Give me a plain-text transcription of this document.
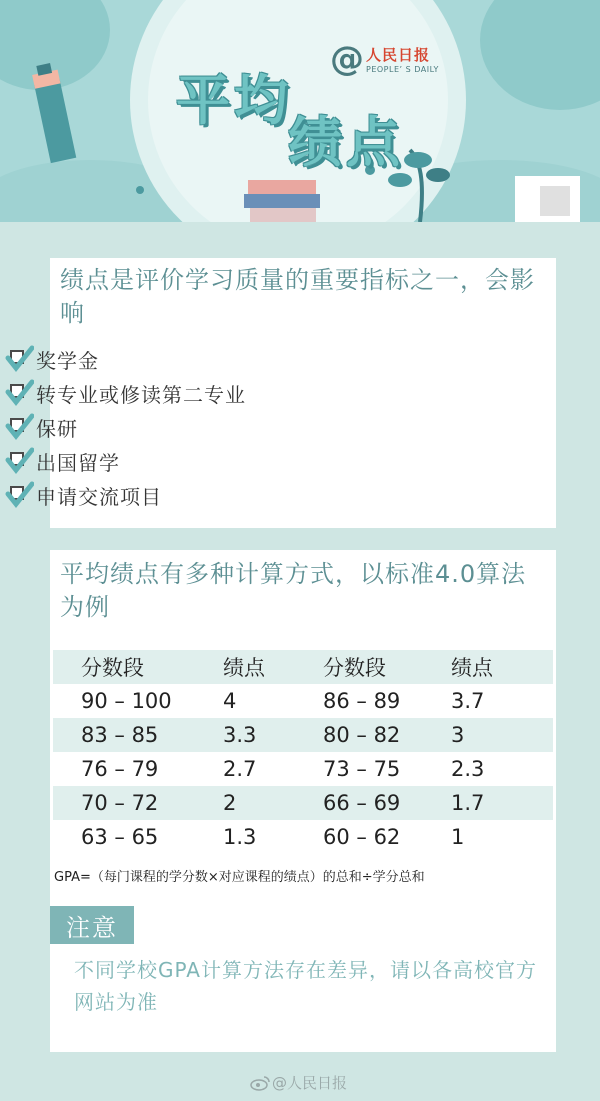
平均
绩点
@ 人民日报
PEOPLE’ S DAILY
绩点是评价学习质量的重要指标之一，会影响
奖学金
转专业或修读第二专业
保研
出国留学
申请交流项目
平均绩点有多种计算方式，以标准4.0算法为例
分数段	绩点	分数段	绩点
90 – 100	4	86 – 89	3.7
83 – 85	3.3	80 – 82	3
76 – 79	2.7	73 – 75	2.3
70 – 72	2	66 – 69	1.7
63 – 65	1.3	60 – 62	1
GPA=（每门课程的学分数×对应课程的绩点）的总和÷学分总和
注意
不同学校GPA计算方法存在差异，请以各高校官方网站为准
@人民日报
